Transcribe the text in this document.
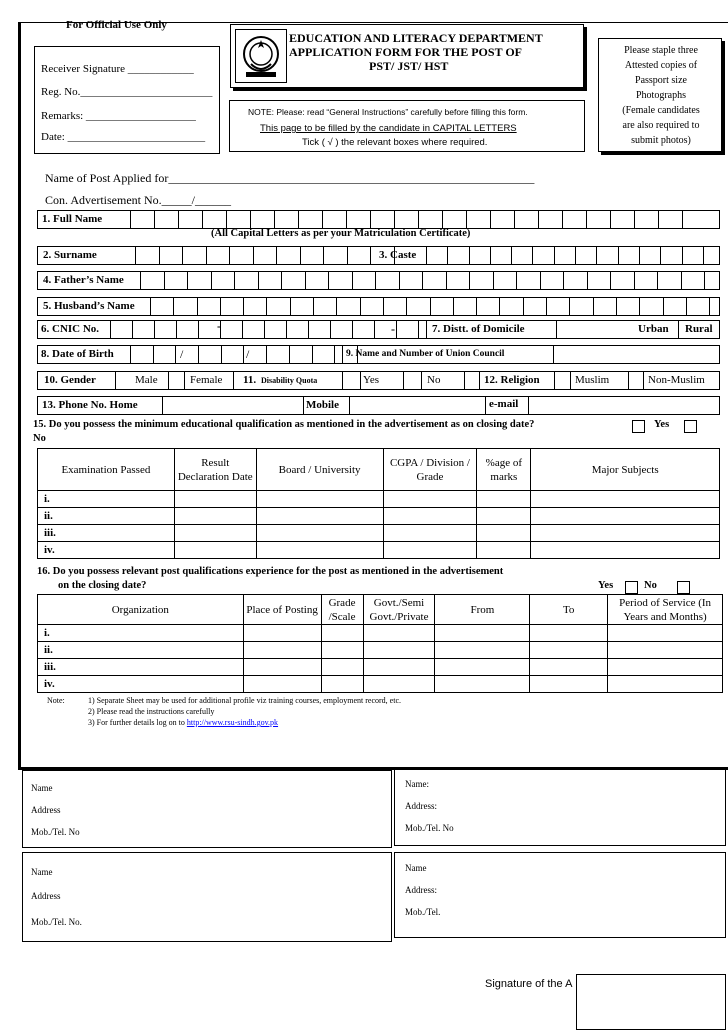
For Official Use Only
Receiver Signature ____________
Reg. No.________________________
Remarks: ____________________
Date: _________________________
EDUCATION AND LITERACY DEPARTMENT
APPLICATION FORM FOR THE POST OF
PST/ JST/ HST
NOTE: Please: read “General Instructions” carefully before filling this form.
This page to be filled by the candidate in CAPITAL LETTERS
Tick ( √ ) the relevant boxes where required.
Please staple three
Attested copies of
Passport size
Photographs
(Female candidates
are also required to
submit photos)
Name of Post Applied for_____________________________________________________________
Con. Advertisement No._____/______
1. Full Name
(All Capital Letters as per your Matriculation Certificate)
2. Surname	3. Caste
4. Father’s Name
5. Husband’s Name
6. CNIC No.	-	-	7. Distt. of Domicile	Urban Rural
8. Date of Birth	/	/	9. Name and Number of Union Council
10. Gender	Male	Female 11. Disability Quota	Yes	No	12. Religion	Muslim	Non-Muslim
13. Phone No. Home	Mobile	e-mail
15. Do you possess the minimum educational qualification as mentioned in the advertisement as on closing date?	Yes
No
Examination Passed	Result Declaration Date	Board / University	CGPA / Division / Grade	%age of marks	Major Subjects
i.					
ii.					
iii.					
iv.					
16. Do you possess relevant post qualifications experience for the post as mentioned in the advertisement
on the closing date?	Yes	No
Organization	Place of Posting	Grade /Scale	Govt./Semi Govt./Private	From	To	Period of Service (In Years and Months)
i.						
ii.						
iii.						
iv.						
Note:	1) Separate Sheet may be used for additional profile viz training courses, employment record, etc.
2) Please read the instructions carefully
3) For further details log on to http://www.rsu-sindh.gov.pk
Name
Address
Mob./Tel. No
Name:
Address:
Mob./Tel. No
Name
Address
Mob./Tel. No.
Name
Address:
Mob./Tel.
Signature of the A
